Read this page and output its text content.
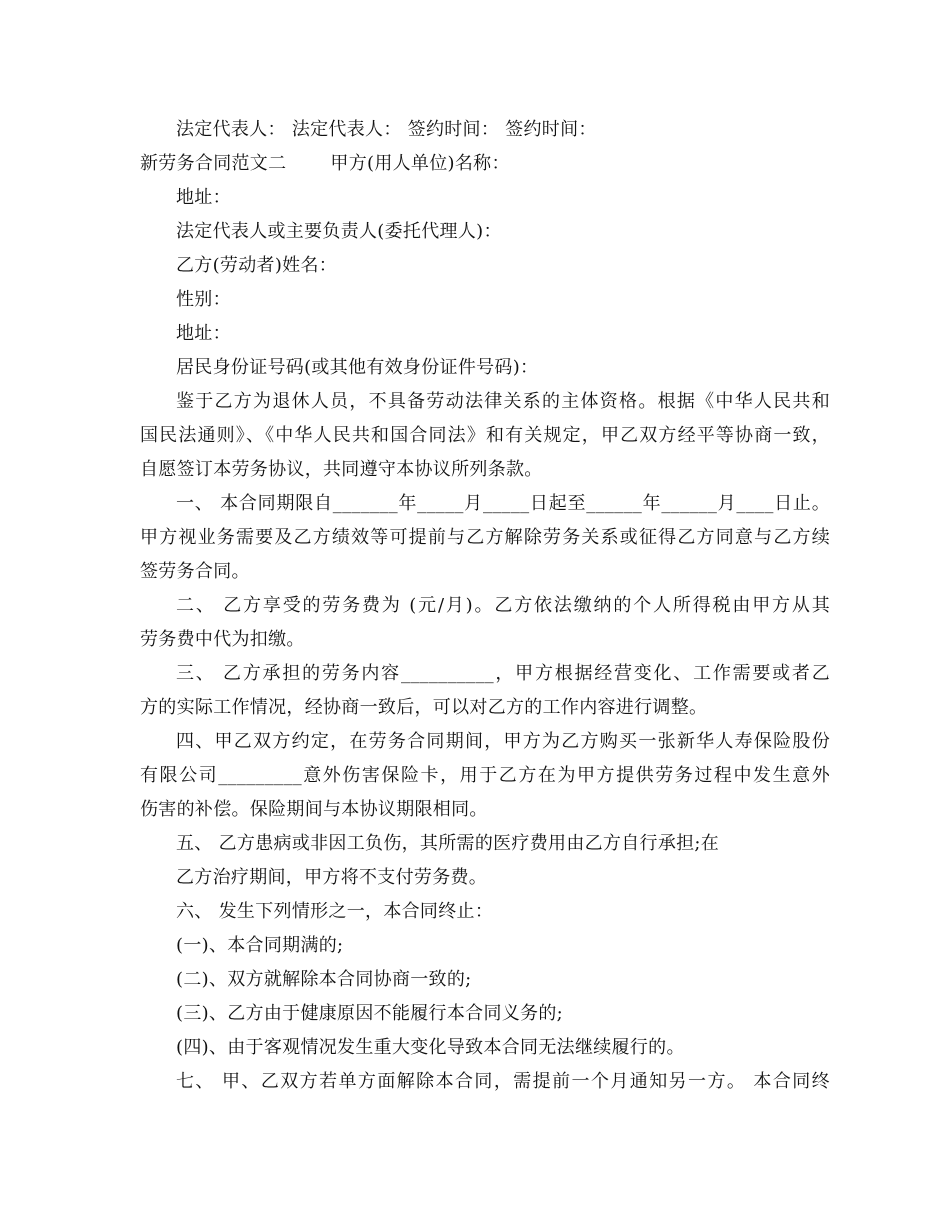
法定代表人： 法定代表人： 签约时间： 签约时间：
新劳务合同范文二 甲方(用人单位)名称：
地址：
法定代表人或主要负责人(委托代理人)：
乙方(劳动者)姓名：
性别：
地址：
居民身份证号码(或其他有效身份证件号码)：
鉴于乙方为退休人员，不具备劳动法律关系的主体资格。根据《中华人民共和
国民法通则》、《中华人民共和国合同法》和有关规定，甲乙双方经平等协商一致，
自愿签订本劳务协议，共同遵守本协议所列条款。
一、 本合同期限自_______年_____月_____日起至______年______月____日止。
甲方视业务需要及乙方绩效等可提前与乙方解除劳务关系或征得乙方同意与乙方续
签劳务合同。
二、 乙方享受的劳务费为 (元/月)。乙方依法缴纳的个人所得税由甲方从其
劳务费中代为扣缴。
三、 乙方承担的劳务内容__________，甲方根据经营变化、工作需要或者乙
方的实际工作情况，经协商一致后，可以对乙方的工作内容进行调整。
四、甲乙双方约定，在劳务合同期间，甲方为乙方购买一张新华人寿保险股份
有限公司_________意外伤害保险卡，用于乙方在为甲方提供劳务过程中发生意外
伤害的补偿。保险期间与本协议期限相同。
五、 乙方患病或非因工负伤，其所需的医疗费用由乙方自行承担;在
乙方治疗期间，甲方将不支付劳务费。
六、 发生下列情形之一，本合同终止：
(一)、本合同期满的;
(二)、双方就解除本合同协商一致的;
(三)、乙方由于健康原因不能履行本合同义务的;
(四)、由于客观情况发生重大变化导致本合同无法继续履行的。
七、 甲、乙双方若单方面解除本合同，需提前一个月通知另一方。 本合同终
